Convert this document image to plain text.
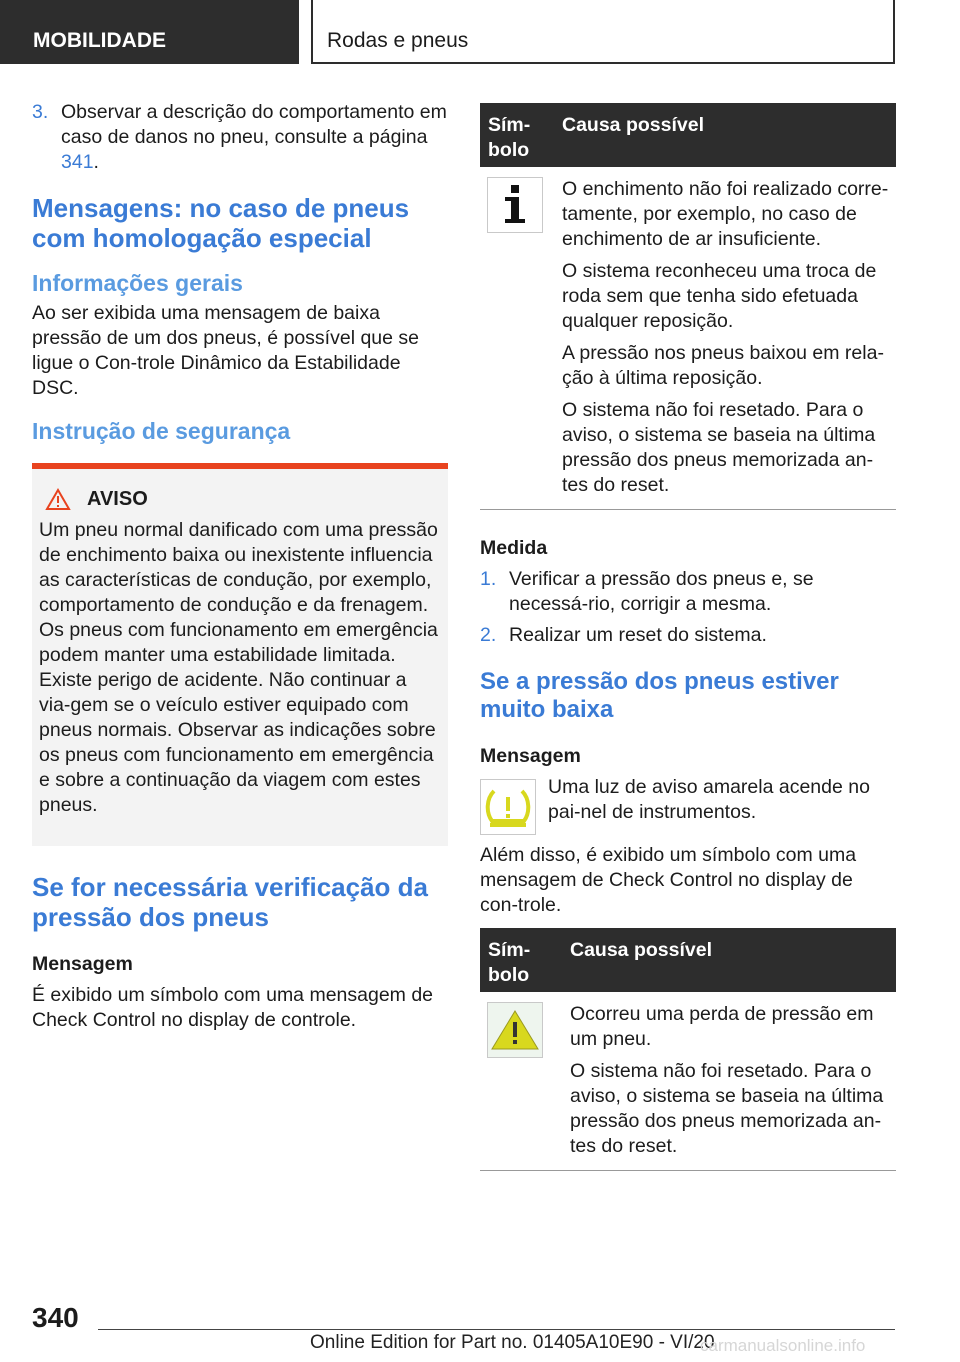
MOBILIDADE	Rodas e pneus
3. Observar a descrição do comportamento em caso de danos no pneu, consulte a página 341.
Mensagens: no caso de pneus com homologação especial
Informações gerais

Ao ser exibida uma mensagem de baixa pressão de um dos pneus, é possível que se ligue o Con‐trole Dinâmico da Estabilidade DSC.

Instrução de segurança
AVISO

Um pneu normal danificado com uma pressão de enchimento baixa ou inexistente influencia as características de condução, por exemplo, comportamento de condução e da frenagem. Os pneus com funcionamento em emergência podem manter uma estabilidade limitada. Existe perigo de acidente. Não continuar a via‐gem se o veículo estiver equipado com pneus normais. Observar as indicações sobre os pneus com funcionamento em emergência e sobre a continuação da viagem com estes pneus.

Se for necessária verificação da pressão dos pneus
Mensagem

É exibido um símbolo com uma mensagem de Check Control no display de controle.

Sím‐bolo
Causa possível

O enchimento não foi realizado corre‐tamente, por exemplo, no caso de enchimento de ar insuficiente.

O sistema reconheceu uma troca de roda sem que tenha sido efetuada qualquer reposição.

A pressão nos pneus baixou em rela‐ção à última reposição.

O sistema não foi resetado. Para o aviso, o sistema se baseia na última pressão dos pneus memorizada an‐tes do reset.

Medida
1. Verificar a pressão dos pneus e, se necessá‐rio, corrigir a mesma.
2. Realizar um reset do sistema.
Se a pressão dos pneus estiver muito baixa
Mensagem

Uma luz de aviso amarela acende no pai‐nel de instrumentos.

Além disso, é exibido um símbolo com uma mensagem de Check Control no display de con‐trole.

Sím‐bolo
Causa possível

Ocorreu uma perda de pressão em um pneu.

O sistema não foi resetado. Para o aviso, o sistema se baseia na última pressão dos pneus memorizada an‐tes do reset.

340
Online Edition for Part no. 01405A10E90 - VI/20
carmanualsonline.info
